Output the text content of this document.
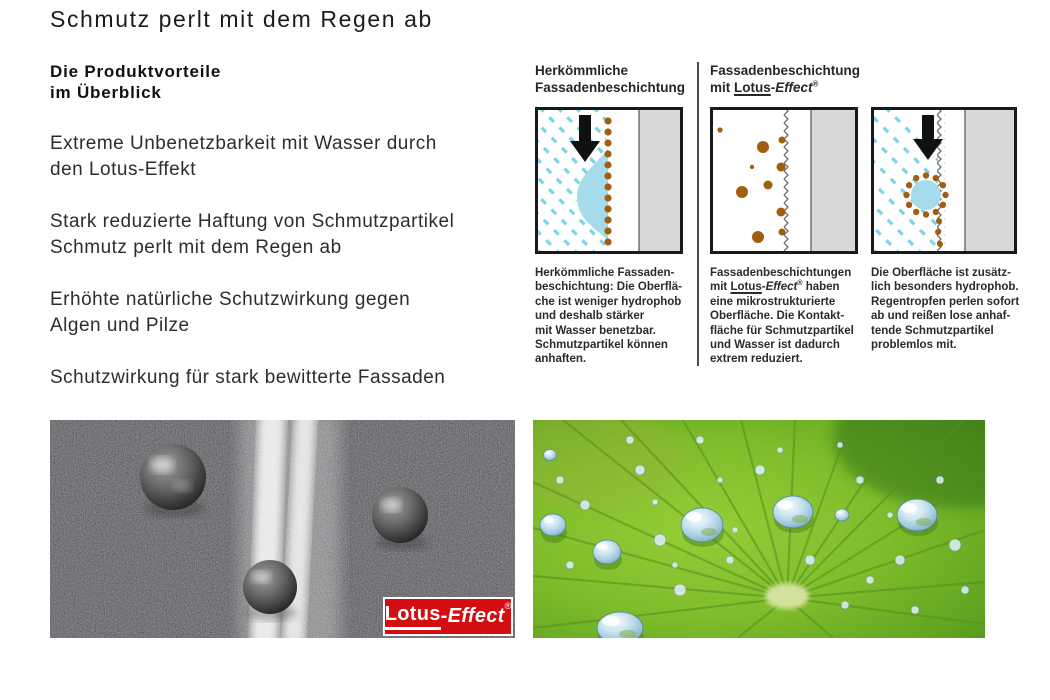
Schmutz perlt mit dem Regen ab
Die Produktvorteile
im Überblick

Extreme Unbenetzbarkeit mit Wasser durch
den Lotus-Effekt

Stark reduzierte Haftung von Schmutzpartikel
Schmutz perlt mit dem Regen ab

Erhöhte natürliche Schutzwirkung gegen
Algen und Pilze

Schutzwirkung für stark bewitterte Fassaden

Herkömmliche
Fassadenbeschichtung
Fassadenbeschichtung
mit Lotus-Effect®
Herkömmliche Fassaden-
beschichtung: Die Oberflä-
che ist weniger hydrophob
und deshalb stärker
mit Wasser benetzbar.
Schmutzpartikel können
anhaften.
Fassadenbeschichtungen
mit Lotus-Effect® haben
eine mikrostrukturierte
Oberfläche. Die Kontakt-
fläche für Schmutzpartikel
und Wasser ist dadurch
extrem reduziert.
Die Oberfläche ist zusätz-
lich besonders hydrophob.
Regentropfen perlen sofort
ab und reißen lose anhaf-
tende Schmutzpartikel
problemlos mit.
Lotus -Effect ®
